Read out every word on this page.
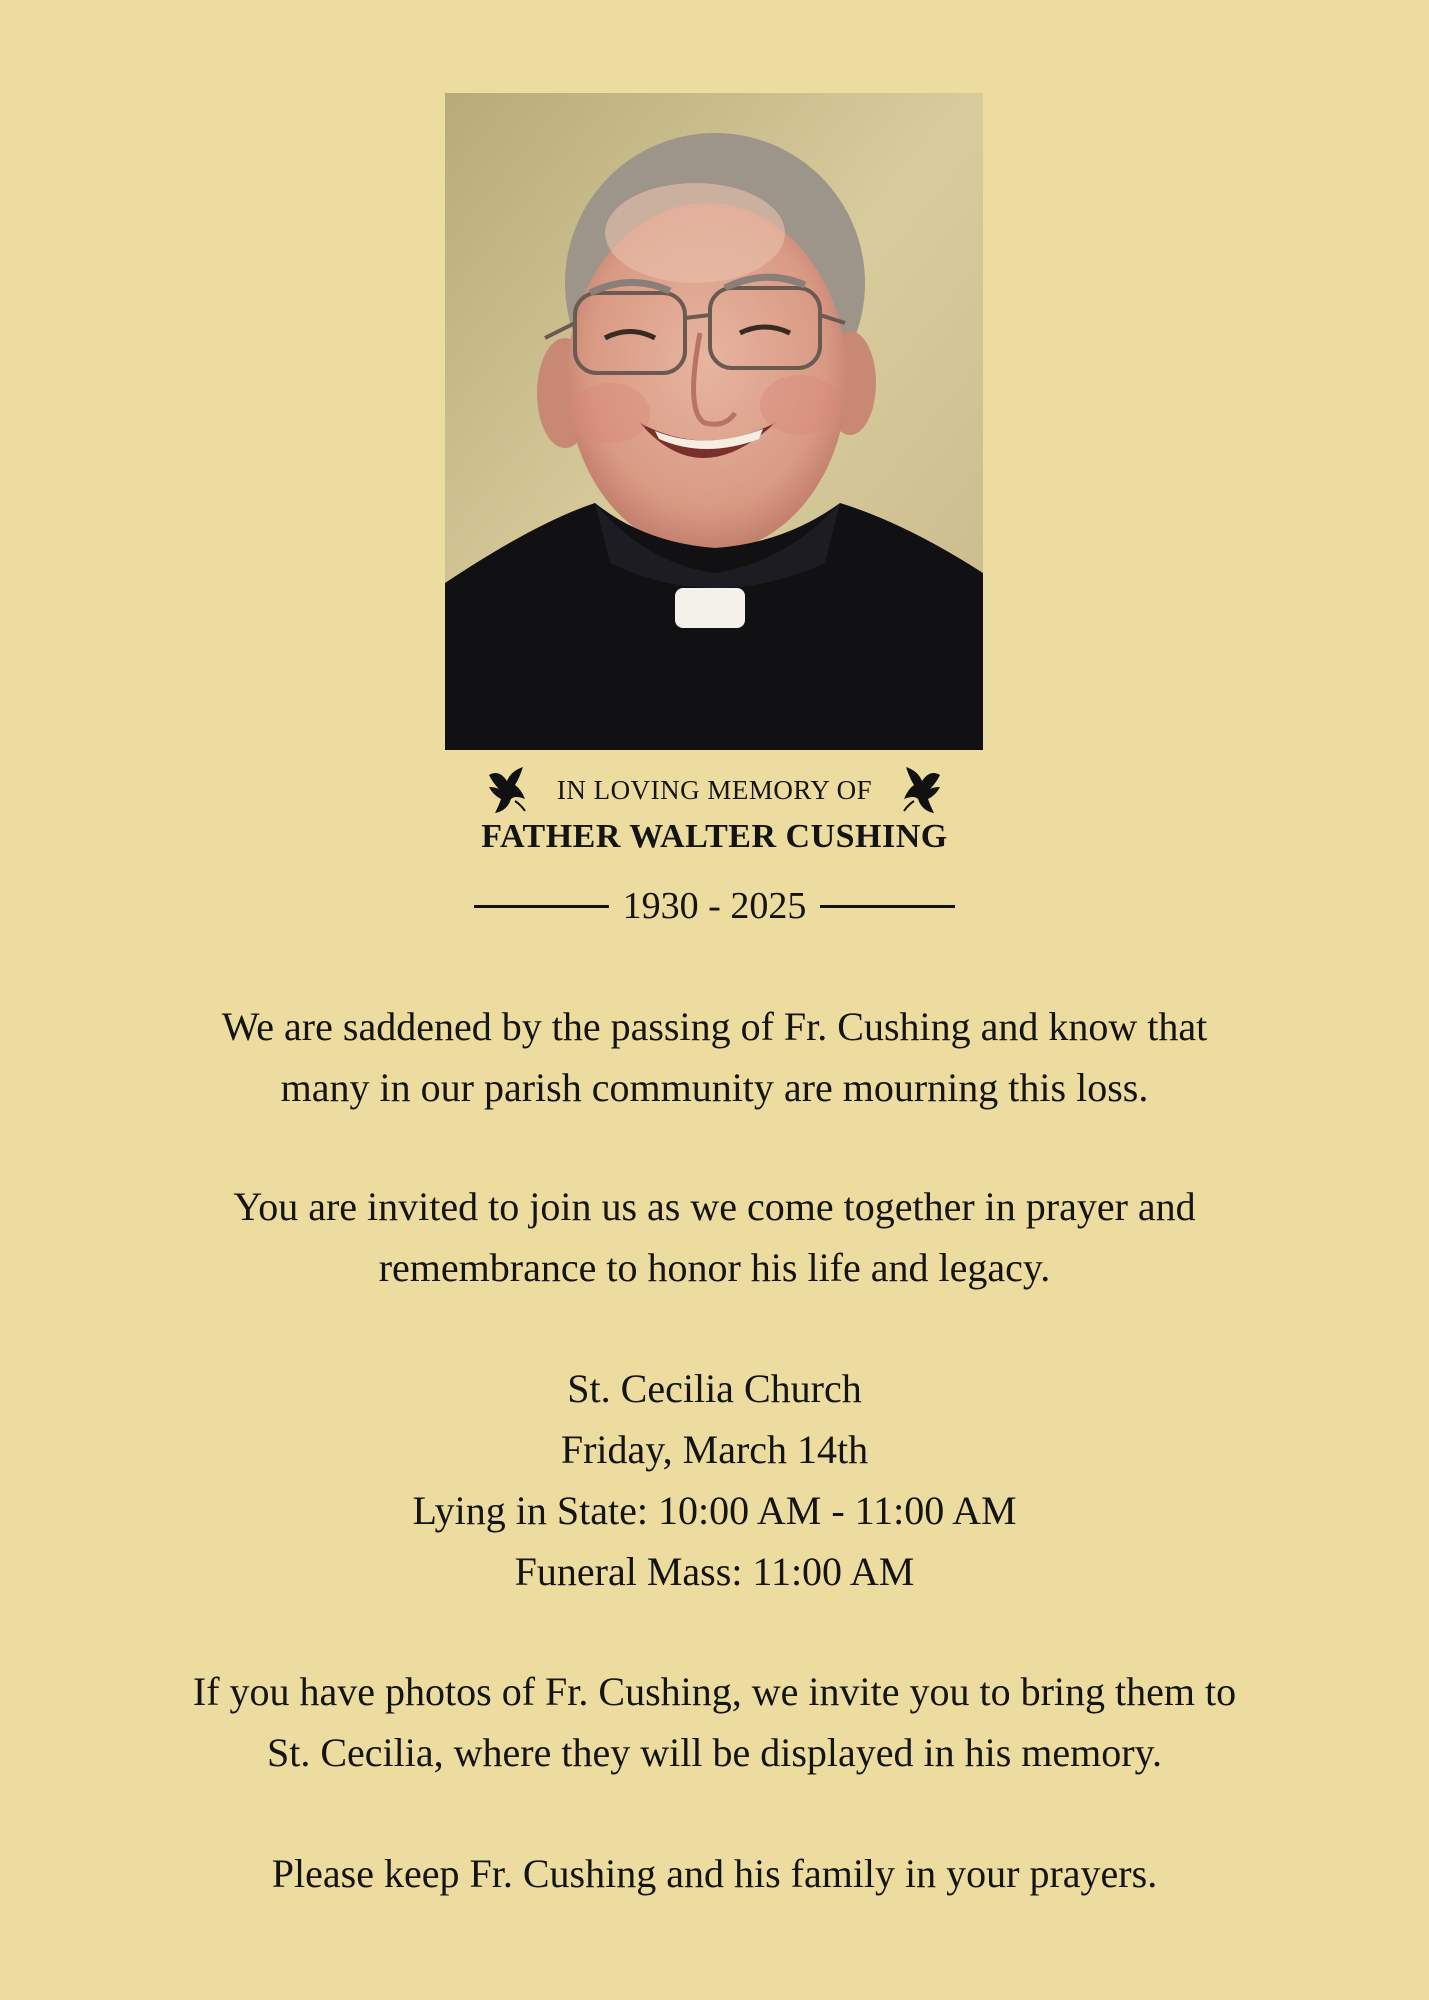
IN LOVING MEMORY OF
FATHER WALTER CUSHING
1930 - 2025
We are saddened by the passing of Fr. Cushing and know that
many in our parish community are mourning this loss.
You are invited to join us as we come together in prayer and
remembrance to honor his life and legacy.
St. Cecilia Church
Friday, March 14th
Lying in State: 10:00 AM - 11:00 AM
Funeral Mass: 11:00 AM
If you have photos of Fr. Cushing, we invite you to bring them to
St. Cecilia, where they will be displayed in his memory.
Please keep Fr. Cushing and his family in your prayers.
